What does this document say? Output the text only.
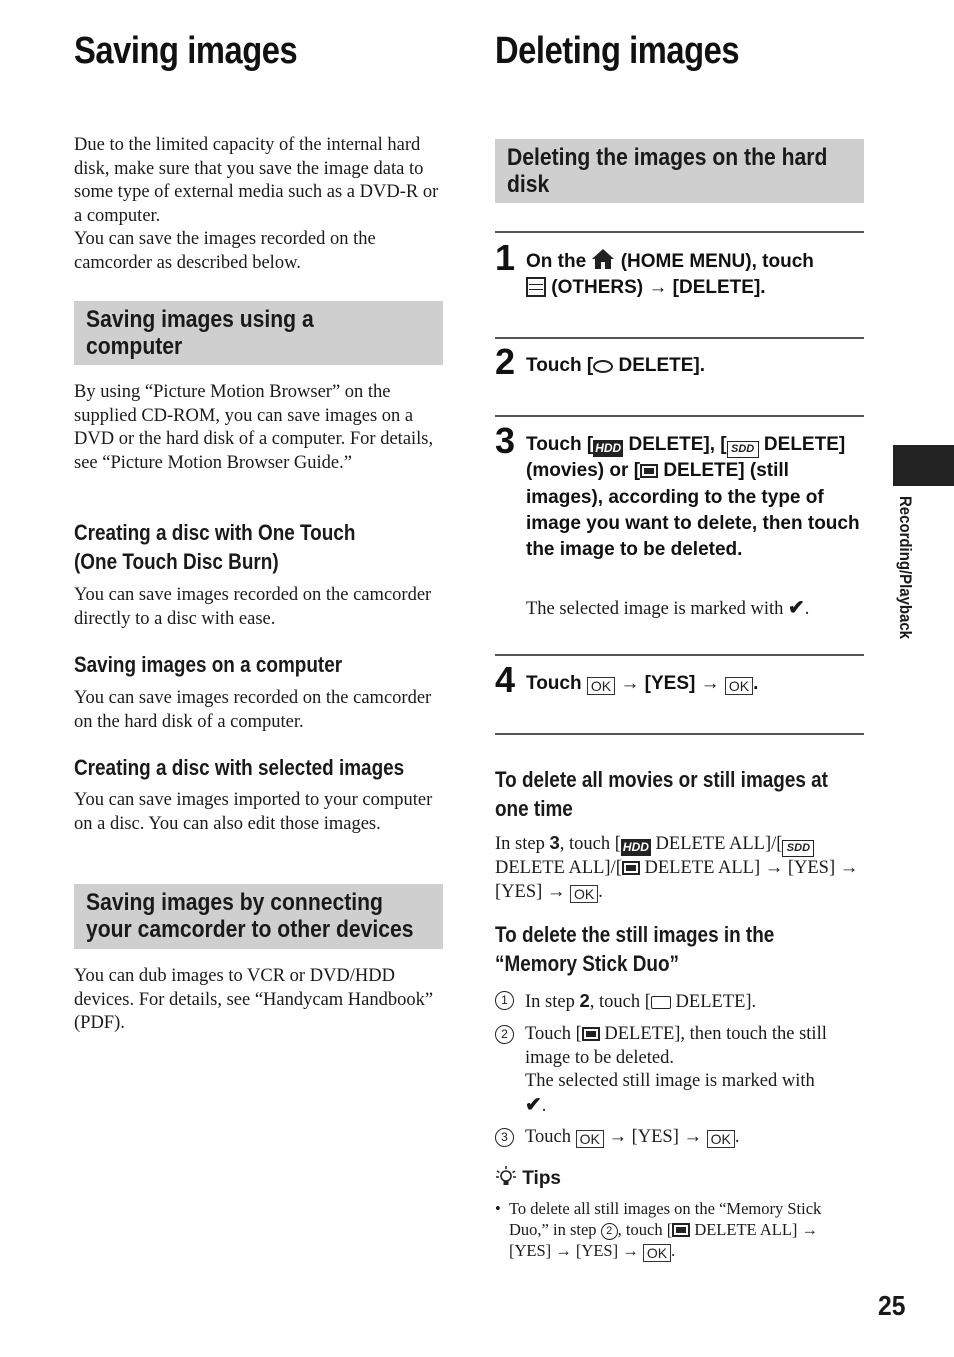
Saving images

Due to the limited capacity of the internal hard disk, make sure that you save the image data to some type of external media such as a DVD-R or a computer.

You can save the images recorded on the camcorder as described below.

Saving images using a
computer

By using “Picture Motion Browser” on the supplied CD-ROM, you can save images on a DVD or the hard disk of a computer. For details, see “Picture Motion Browser Guide.”

Creating a disc with One Touch
(One Touch Disc Burn)

You can save images recorded on the camcorder directly to a disc with ease.

Saving images on a computer

You can save images recorded on the camcorder on the hard disk of a computer.

Creating a disc with selected images

You can save images imported to your computer on a disc. You can also edit those images.

Saving images by connecting
your camcorder to other devices

You can dub images to VCR or DVD/HDD devices. For details, see “Handycam Handbook” (PDF).

Deleting images
Deleting the images on the hard
disk
1 On the (HOME MENU), touch
(OTHERS) → [DELETE].
2 Touch [ DELETE].
3 Touch [ HDD DELETE], [ SDD DELETE] (movies) or [ DELETE] (still images), according to the type of image you want to delete, then touch the image to be deleted.
The selected image is marked with ✔.
4 Touch OK → [YES] → OK .
To delete all movies or still images at
one time
In step 3, touch [ HDD DELETE ALL]/[ SDD DELETE ALL]/[ DELETE ALL] → [YES] → [YES] → OK .
To delete the still images in the
“Memory Stick Duo”
1 In step 2, touch [ DELETE].
2 Touch [ DELETE], then touch the still image to be deleted.
The selected still image is marked with
✔.
3 Touch OK → [YES] → OK .
Tips
• To delete all still images on the “Memory Stick Duo,” in step 2 , touch [ DELETE ALL] → [YES] → [YES] → OK .
Recording/Playback
25
